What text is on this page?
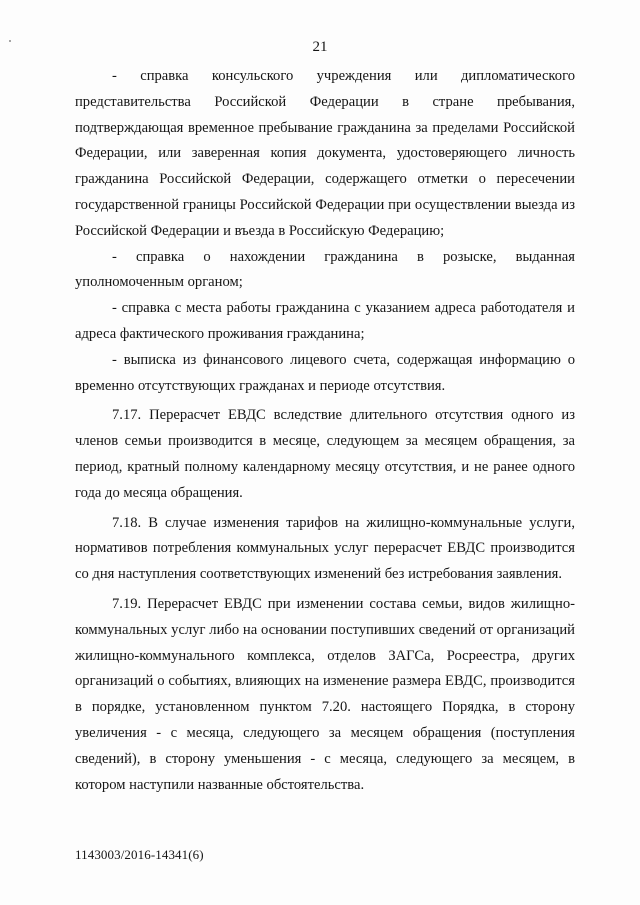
21

- справка консульского учреждения или дипломатического представительства Российской Федерации в стране пребывания, подтверждающая временное пребывание гражданина за пределами Российской Федерации, или заверенная копия документа, удостоверяющего личность гражданина Российской Федерации, содержащего отметки о пересечении государственной границы Российской Федерации при осуществлении выезда из Российской Федерации и въезда в Российскую Федерацию;

- справка о нахождении гражданина в розыске, выданная уполномоченным органом;

- справка с места работы гражданина с указанием адреса работодателя и адреса фактического проживания гражданина;

- выписка из финансового лицевого счета, содержащая информацию о временно отсутствующих гражданах и периоде отсутствия.

7.17. Перерасчет ЕВДС вследствие длительного отсутствия одного из членов семьи производится в месяце, следующем за месяцем обращения, за период, кратный полному календарному месяцу отсутствия, и не ранее одного года до месяца обращения.

7.18. В случае изменения тарифов на жилищно-коммунальные услуги, нормативов потребления коммунальных услуг перерасчет ЕВДС производится со дня наступления соответствующих изменений без истребования заявления.

7.19. Перерасчет ЕВДС при изменении состава семьи, видов жилищно-коммунальных услуг либо на основании поступивших сведений от организаций жилищно-коммунального комплекса, отделов ЗАГСа, Росреестра, других организаций о событиях, влияющих на изменение размера ЕВДС, производится в порядке, установленном пунктом 7.20. настоящего Порядка, в сторону увеличения - с месяца, следующего за месяцем обращения (поступления сведений), в сторону уменьшения - с месяца, следующего за месяцем, в котором наступили названные обстоятельства.

1143003/2016-14341(6)
